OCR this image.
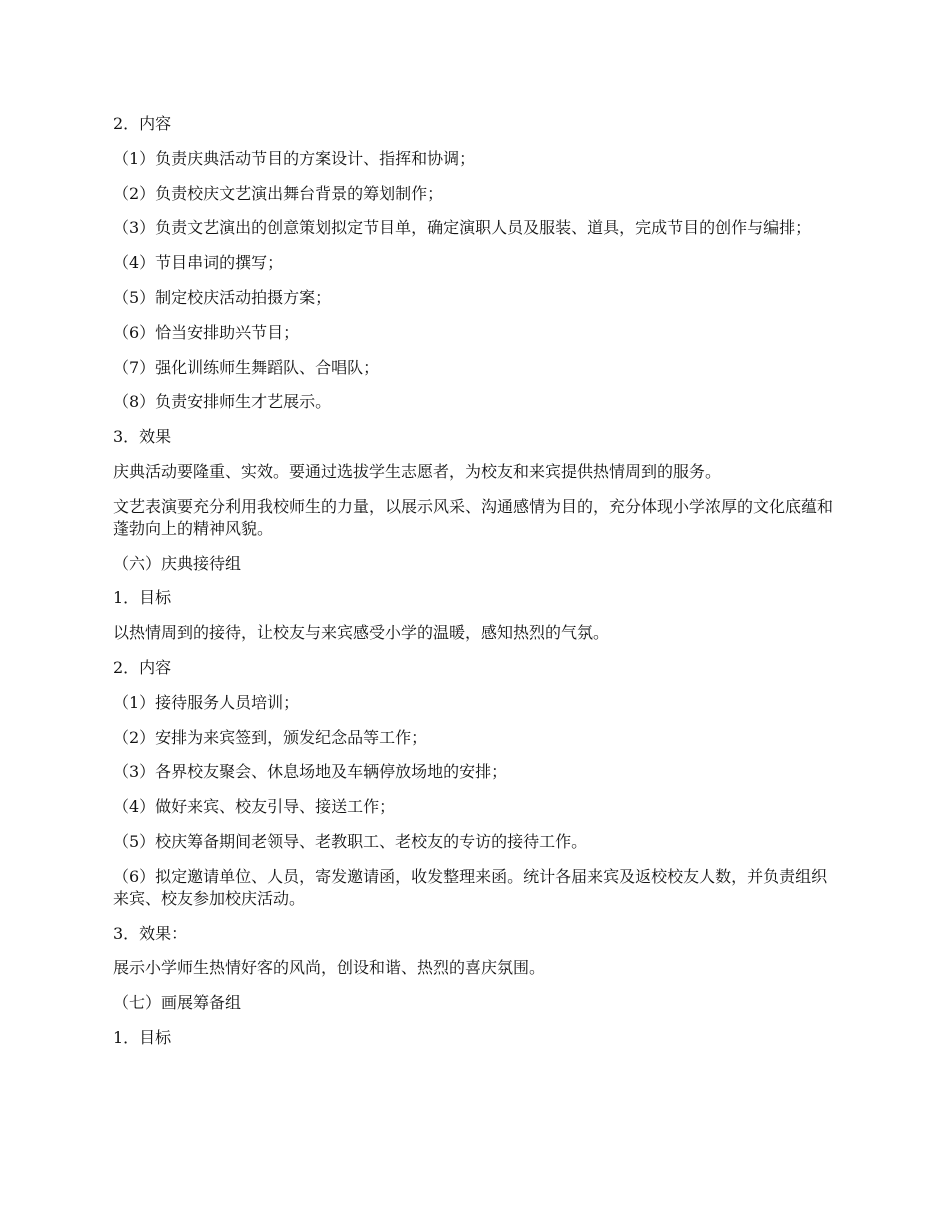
2．内容

（1）负责庆典活动节目的方案设计、指挥和协调；

（2）负责校庆文艺演出舞台背景的筹划制作；

（3）负责文艺演出的创意策划拟定节目单，确定演职人员及服装、道具，完成节目的创作与编排；

（4）节目串词的撰写；

（5）制定校庆活动拍摄方案；

（6）恰当安排助兴节目；

（7）强化训练师生舞蹈队、合唱队；

（8）负责安排师生才艺展示。

3．效果

庆典活动要隆重、实效。要通过选拔学生志愿者，为校友和来宾提供热情周到的服务。

文艺表演要充分利用我校师生的力量，以展示风采、沟通感情为目的，充分体现小学浓厚的文化底蕴和蓬勃向上的精神风貌。

（六）庆典接待组

1．目标

以热情周到的接待，让校友与来宾感受小学的温暖，感知热烈的气氛。

2．内容

（1）接待服务人员培训；

（2）安排为来宾签到，颁发纪念品等工作；

（3）各界校友聚会、休息场地及车辆停放场地的安排；

（4）做好来宾、校友引导、接送工作；

（5）校庆筹备期间老领导、老教职工、老校友的专访的接待工作。

（6）拟定邀请单位、人员，寄发邀请函，收发整理来函。统计各届来宾及返校校友人数，并负责组织来宾、校友参加校庆活动。

3．效果：

展示小学师生热情好客的风尚，创设和谐、热烈的喜庆氛围。

（七）画展筹备组

1．目标
